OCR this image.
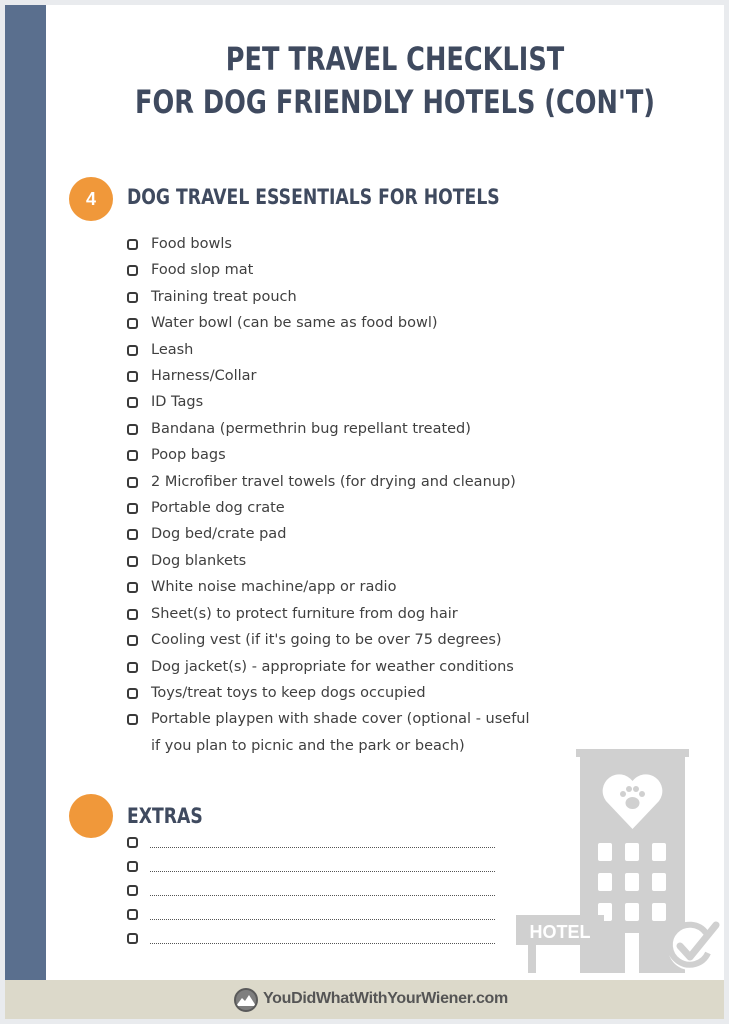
PET TRAVEL CHECKLIST
FOR DOG FRIENDLY HOTELS (CON'T)
4	DOG TRAVEL ESSENTIALS FOR HOTELS
Food bowls
Food slop mat
Training treat pouch
Water bowl (can be same as food bowl)
Leash
Harness/Collar
ID Tags
Bandana (permethrin bug repellant treated)
Poop bags
2 Microfiber travel towels (for drying and cleanup)
Portable dog crate
Dog bed/crate pad
Dog blankets
White noise machine/app or radio
Sheet(s) to protect furniture from dog hair
Cooling vest (if it's going to be over 75 degrees)
Dog jacket(s) - appropriate for weather conditions
Toys/treat toys to keep dogs occupied
Portable playpen with shade cover (optional - useful
if you plan to picnic and the park or beach)
EXTRAS
HOTEL
YouDidWhatWithYourWiener.com
